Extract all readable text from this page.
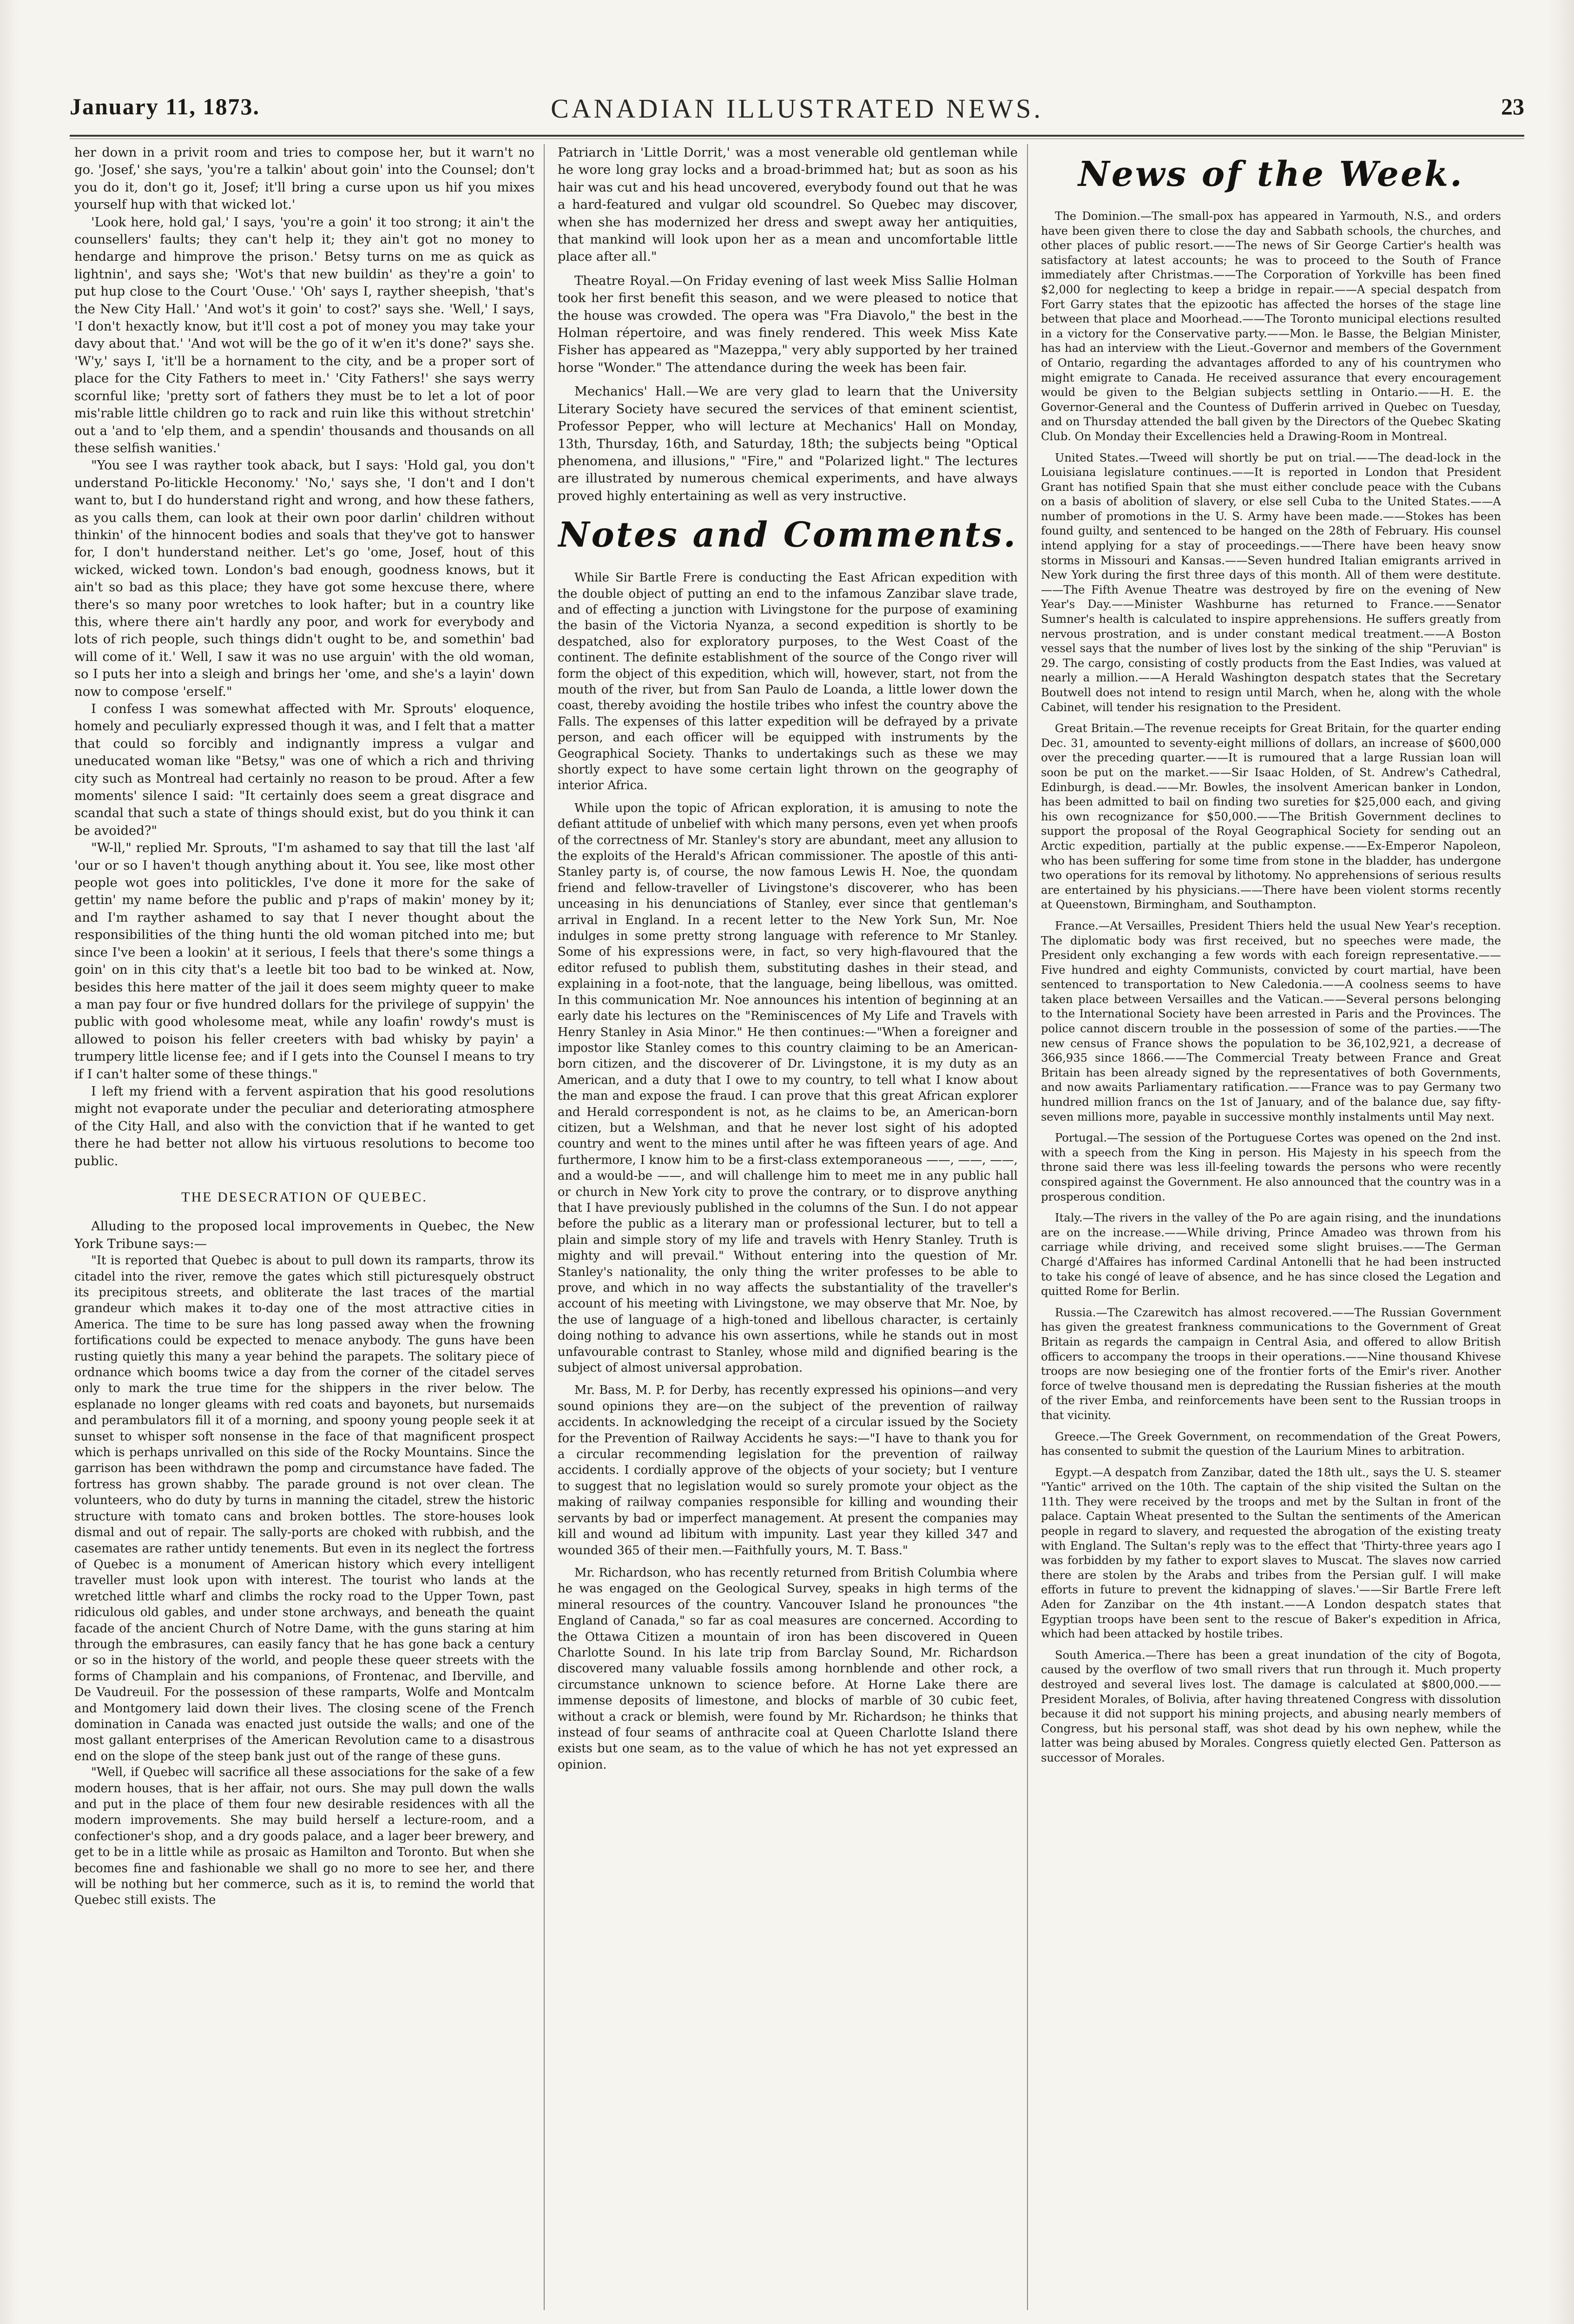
January 11, 1873.	CANADIAN ILLUSTRATED NEWS.	23

her down in a privit room and tries to compose her, but it warn't no go. 'Josef,' she says, 'you're a talkin' about goin' into the Counsel; don't you do it, don't go it, Josef; it'll bring a curse upon us hif you mixes yourself hup with that wicked lot.'

'Look here, hold gal,' I says, 'you're a goin' it too strong; it ain't the counsellers' faults; they can't help it; they ain't got no money to hendarge and himprove the prison.' Betsy turns on me as quick as lightnin', and says she; 'Wot's that new buildin' as they're a goin' to put hup close to the Court 'Ouse.' 'Oh' says I, rayther sheepish, 'that's the New City Hall.' 'And wot's it goin' to cost?' says she. 'Well,' I says, 'I don't hexactly know, but it'll cost a pot of money you may take your davy about that.' 'And wot will be the go of it w'en it's done?' says she. 'W'y,' says I, 'it'll be a hornament to the city, and be a proper sort of place for the City Fathers to meet in.' 'City Fathers!' she says werry scornful like; 'pretty sort of fathers they must be to let a lot of poor mis'rable little children go to rack and ruin like this without stretchin' out a 'and to 'elp them, and a spendin' thousands and thousands on all these selfish wanities.'

"You see I was rayther took aback, but I says: 'Hold gal, you don't understand Po-litickle Heconomy.' 'No,' says she, 'I don't and I don't want to, but I do hunderstand right and wrong, and how these fathers, as you calls them, can look at their own poor darlin' children without thinkin' of the hinnocent bodies and soals that they've got to hanswer for, I don't hunderstand neither. Let's go 'ome, Josef, hout of this wicked, wicked town. London's bad enough, goodness knows, but it ain't so bad as this place; they have got some hexcuse there, where there's so many poor wretches to look hafter; but in a country like this, where there ain't hardly any poor, and work for everybody and lots of rich people, such things didn't ought to be, and somethin' bad will come of it.' Well, I saw it was no use arguin' with the old woman, so I puts her into a sleigh and brings her 'ome, and she's a layin' down now to compose 'erself."

I confess I was somewhat affected with Mr. Sprouts' eloquence, homely and peculiarly expressed though it was, and I felt that a matter that could so forcibly and indignantly impress a vulgar and uneducated woman like "Betsy," was one of which a rich and thriving city such as Montreal had certainly no reason to be proud. After a few moments' silence I said: "It certainly does seem a great disgrace and scandal that such a state of things should exist, but do you think it can be avoided?"

"W-ll," replied Mr. Sprouts, "I'm ashamed to say that till the last 'alf 'our or so I haven't though anything about it. You see, like most other people wot goes into politickles, I've done it more for the sake of gettin' my name before the public and p'raps of makin' money by it; and I'm rayther ashamed to say that I never thought about the responsibilities of the thing hunti the old woman pitched into me; but since I've been a lookin' at it serious, I feels that there's some things a goin' on in this city that's a leetle bit too bad to be winked at. Now, besides this here matter of the jail it does seem mighty queer to make a man pay four or five hundred dollars for the privilege of suppyin' the public with good wholesome meat, while any loafin' rowdy's must is allowed to poison his feller creeters with bad whisky by payin' a trumpery little license fee; and if I gets into the Counsel I means to try if I can't halter some of these things."

I left my friend with a fervent aspiration that his good resolutions might not evaporate under the peculiar and deteriorating atmosphere of the City Hall, and also with the conviction that if he wanted to get there he had better not allow his virtuous resolutions to become too public.

THE DESECRATION OF QUEBEC.

Alluding to the proposed local improvements in Quebec, the New York Tribune says:—

"It is reported that Quebec is about to pull down its ramparts, throw its citadel into the river, remove the gates which still picturesquely obstruct its precipitous streets, and obliterate the last traces of the martial grandeur which makes it to-day one of the most attractive cities in America. The time to be sure has long passed away when the frowning fortifications could be expected to menace anybody. The guns have been rusting quietly this many a year behind the parapets. The solitary piece of ordnance which booms twice a day from the corner of the citadel serves only to mark the true time for the shippers in the river below. The esplanade no longer gleams with red coats and bayonets, but nursemaids and perambulators fill it of a morning, and spoony young people seek it at sunset to whisper soft nonsense in the face of that magnificent prospect which is perhaps unrivalled on this side of the Rocky Mountains. Since the garrison has been withdrawn the pomp and circumstance have faded. The fortress has grown shabby. The parade ground is not over clean. The volunteers, who do duty by turns in manning the citadel, strew the historic structure with tomato cans and broken bottles. The store-houses look dismal and out of repair. The sally-ports are choked with rubbish, and the casemates are rather untidy tenements. But even in its neglect the fortress of Quebec is a monument of American history which every intelligent traveller must look upon with interest. The tourist who lands at the wretched little wharf and climbs the rocky road to the Upper Town, past ridiculous old gables, and under stone archways, and beneath the quaint facade of the ancient Church of Notre Dame, with the guns staring at him through the embrasures, can easily fancy that he has gone back a century or so in the history of the world, and people these queer streets with the forms of Champlain and his companions, of Frontenac, and Iberville, and De Vaudreuil. For the possession of these ramparts, Wolfe and Montcalm and Montgomery laid down their lives. The closing scene of the French domination in Canada was enacted just outside the walls; and one of the most gallant enterprises of the American Revolution came to a disastrous end on the slope of the steep bank just out of the range of these guns.

"Well, if Quebec will sacrifice all these associations for the sake of a few modern houses, that is her affair, not ours. She may pull down the walls and put in the place of them four new desirable residences with all the modern improvements. She may build herself a lecture-room, and a confectioner's shop, and a dry goods palace, and a lager beer brewery, and get to be in a little while as prosaic as Hamilton and Toronto. But when she becomes fine and fashionable we shall go no more to see her, and there will be nothing but her commerce, such as it is, to remind the world that Quebec still exists. The

Patriarch in 'Little Dorrit,' was a most venerable old gentleman while he wore long gray locks and a broad-brimmed hat; but as soon as his hair was cut and his head uncovered, everybody found out that he was a hard-featured and vulgar old scoundrel. So Quebec may discover, when she has modernized her dress and swept away her antiquities, that mankind will look upon her as a mean and uncomfortable little place after all."

Theatre Royal.—On Friday evening of last week Miss Sallie Holman took her first benefit this season, and we were pleased to notice that the house was crowded. The opera was "Fra Diavolo," the best in the Holman répertoire, and was finely rendered. This week Miss Kate Fisher has appeared as "Mazeppa," very ably supported by her trained horse "Wonder." The attendance during the week has been fair.

Mechanics' Hall.—We are very glad to learn that the University Literary Society have secured the services of that eminent scientist, Professor Pepper, who will lecture at Mechanics' Hall on Monday, 13th, Thursday, 16th, and Saturday, 18th; the subjects being "Optical phenomena, and illusions," "Fire," and "Polarized light." The lectures are illustrated by numerous chemical experiments, and have always proved highly entertaining as well as very instructive.

Notes and Comments.

While Sir Bartle Frere is conducting the East African expedition with the double object of putting an end to the infamous Zanzibar slave trade, and of effecting a junction with Livingstone for the purpose of examining the basin of the Victoria Nyanza, a second expedition is shortly to be despatched, also for exploratory purposes, to the West Coast of the continent. The definite establishment of the source of the Congo river will form the object of this expedition, which will, however, start, not from the mouth of the river, but from San Paulo de Loanda, a little lower down the coast, thereby avoiding the hostile tribes who infest the country above the Falls. The expenses of this latter expedition will be defrayed by a private person, and each officer will be equipped with instruments by the Geographical Society. Thanks to undertakings such as these we may shortly expect to have some certain light thrown on the geography of interior Africa.

While upon the topic of African exploration, it is amusing to note the defiant attitude of unbelief with which many persons, even yet when proofs of the correctness of Mr. Stanley's story are abundant, meet any allusion to the exploits of the Herald's African commissioner. The apostle of this anti-Stanley party is, of course, the now famous Lewis H. Noe, the quondam friend and fellow-traveller of Livingstone's discoverer, who has been unceasing in his denunciations of Stanley, ever since that gentleman's arrival in England. In a recent letter to the New York Sun, Mr. Noe indulges in some pretty strong language with reference to Mr Stanley. Some of his expressions were, in fact, so very high-flavoured that the editor refused to publish them, substituting dashes in their stead, and explaining in a foot-note, that the language, being libellous, was omitted. In this communication Mr. Noe announces his intention of beginning at an early date his lectures on the "Reminiscences of My Life and Travels with Henry Stanley in Asia Minor." He then continues:—"When a foreigner and impostor like Stanley comes to this country claiming to be an American-born citizen, and the discoverer of Dr. Livingstone, it is my duty as an American, and a duty that I owe to my country, to tell what I know about the man and expose the fraud. I can prove that this great African explorer and Herald correspondent is not, as he claims to be, an American-born citizen, but a Welshman, and that he never lost sight of his adopted country and went to the mines until after he was fifteen years of age. And furthermore, I know him to be a first-class extemporaneous ——, ——, ——, and a would-be ——, and will challenge him to meet me in any public hall or church in New York city to prove the contrary, or to disprove anything that I have previously published in the columns of the Sun. I do not appear before the public as a literary man or professional lecturer, but to tell a plain and simple story of my life and travels with Henry Stanley. Truth is mighty and will prevail." Without entering into the question of Mr. Stanley's nationality, the only thing the writer professes to be able to prove, and which in no way affects the substantiality of the traveller's account of his meeting with Livingstone, we may observe that Mr. Noe, by the use of language of a high-toned and libellous character, is certainly doing nothing to advance his own assertions, while he stands out in most unfavourable contrast to Stanley, whose mild and dignified bearing is the subject of almost universal approbation.

Mr. Bass, M. P. for Derby, has recently expressed his opinions—and very sound opinions they are—on the subject of the prevention of railway accidents. In acknowledging the receipt of a circular issued by the Society for the Prevention of Railway Accidents he says:—"I have to thank you for a circular recommending legislation for the prevention of railway accidents. I cordially approve of the objects of your society; but I venture to suggest that no legislation would so surely promote your object as the making of railway companies responsible for killing and wounding their servants by bad or imperfect management. At present the companies may kill and wound ad libitum with impunity. Last year they killed 347 and wounded 365 of their men.—Faithfully yours, M. T. Bass."

Mr. Richardson, who has recently returned from British Columbia where he was engaged on the Geological Survey, speaks in high terms of the mineral resources of the country. Vancouver Island he pronounces "the England of Canada," so far as coal measures are concerned. According to the Ottawa Citizen a mountain of iron has been discovered in Queen Charlotte Sound. In his late trip from Barclay Sound, Mr. Richardson discovered many valuable fossils among hornblende and other rock, a circumstance unknown to science before. At Horne Lake there are immense deposits of limestone, and blocks of marble of 30 cubic feet, without a crack or blemish, were found by Mr. Richardson; he thinks that instead of four seams of anthracite coal at Queen Charlotte Island there exists but one seam, as to the value of which he has not yet expressed an opinion.

News of the Week.

The Dominion.—The small-pox has appeared in Yarmouth, N.S., and orders have been given there to close the day and Sabbath schools, the churches, and other places of public resort.——The news of Sir George Cartier's health was satisfactory at latest accounts; he was to proceed to the South of France immediately after Christmas.——The Corporation of Yorkville has been fined $2,000 for neglecting to keep a bridge in repair.——A special despatch from Fort Garry states that the epizootic has affected the horses of the stage line between that place and Moorhead.——The Toronto municipal elections resulted in a victory for the Conservative party.——Mon. le Basse, the Belgian Minister, has had an interview with the Lieut.-Governor and members of the Government of Ontario, regarding the advantages afforded to any of his countrymen who might emigrate to Canada. He received assurance that every encouragement would be given to the Belgian subjects settling in Ontario.——H. E. the Governor-General and the Countess of Dufferin arrived in Quebec on Tuesday, and on Thursday attended the ball given by the Directors of the Quebec Skating Club. On Monday their Excellencies held a Drawing-Room in Montreal.

United States.—Tweed will shortly be put on trial.——The dead-lock in the Louisiana legislature continues.——It is reported in London that President Grant has notified Spain that she must either conclude peace with the Cubans on a basis of abolition of slavery, or else sell Cuba to the United States.——A number of promotions in the U. S. Army have been made.——Stokes has been found guilty, and sentenced to be hanged on the 28th of February. His counsel intend applying for a stay of proceedings.——There have been heavy snow storms in Missouri and Kansas.——Seven hundred Italian emigrants arrived in New York during the first three days of this month. All of them were destitute.——The Fifth Avenue Theatre was destroyed by fire on the evening of New Year's Day.——Minister Washburne has returned to France.——Senator Sumner's health is calculated to inspire apprehensions. He suffers greatly from nervous prostration, and is under constant medical treatment.——A Boston vessel says that the number of lives lost by the sinking of the ship "Peruvian" is 29. The cargo, consisting of costly products from the East Indies, was valued at nearly a million.——A Herald Washington despatch states that the Secretary Boutwell does not intend to resign until March, when he, along with the whole Cabinet, will tender his resignation to the President.

Great Britain.—The revenue receipts for Great Britain, for the quarter ending Dec. 31, amounted to seventy-eight millions of dollars, an increase of $600,000 over the preceding quarter.——It is rumoured that a large Russian loan will soon be put on the market.——Sir Isaac Holden, of St. Andrew's Cathedral, Edinburgh, is dead.——Mr. Bowles, the insolvent American banker in London, has been admitted to bail on finding two sureties for $25,000 each, and giving his own recognizance for $50,000.——The British Government declines to support the proposal of the Royal Geographical Society for sending out an Arctic expedition, partially at the public expense.——Ex-Emperor Napoleon, who has been suffering for some time from stone in the bladder, has undergone two operations for its removal by lithotomy. No apprehensions of serious results are entertained by his physicians.——There have been violent storms recently at Queenstown, Birmingham, and Southampton.

France.—At Versailles, President Thiers held the usual New Year's reception. The diplomatic body was first received, but no speeches were made, the President only exchanging a few words with each foreign representative.——Five hundred and eighty Communists, convicted by court martial, have been sentenced to transportation to New Caledonia.——A coolness seems to have taken place between Versailles and the Vatican.——Several persons belonging to the International Society have been arrested in Paris and the Provinces. The police cannot discern trouble in the possession of some of the parties.——The new census of France shows the population to be 36,102,921, a decrease of 366,935 since 1866.——The Commercial Treaty between France and Great Britain has been already signed by the representatives of both Governments, and now awaits Parliamentary ratification.——France was to pay Germany two hundred million francs on the 1st of January, and of the balance due, say fifty-seven millions more, payable in successive monthly instalments until May next.

Portugal.—The session of the Portuguese Cortes was opened on the 2nd inst. with a speech from the King in person. His Majesty in his speech from the throne said there was less ill-feeling towards the persons who were recently conspired against the Government. He also announced that the country was in a prosperous condition.

Italy.—The rivers in the valley of the Po are again rising, and the inundations are on the increase.——While driving, Prince Amadeo was thrown from his carriage while driving, and received some slight bruises.——The German Chargé d'Affaires has informed Cardinal Antonelli that he had been instructed to take his congé of leave of absence, and he has since closed the Legation and quitted Rome for Berlin.

Russia.—The Czarewitch has almost recovered.——The Russian Government has given the greatest frankness communications to the Government of Great Britain as regards the campaign in Central Asia, and offered to allow British officers to accompany the troops in their operations.——Nine thousand Khivese troops are now besieging one of the frontier forts of the Emir's river. Another force of twelve thousand men is depredating the Russian fisheries at the mouth of the river Emba, and reinforcements have been sent to the Russian troops in that vicinity.

Greece.—The Greek Government, on recommendation of the Great Powers, has consented to submit the question of the Laurium Mines to arbitration.

Egypt.—A despatch from Zanzibar, dated the 18th ult., says the U. S. steamer "Yantic" arrived on the 10th. The captain of the ship visited the Sultan on the 11th. They were received by the troops and met by the Sultan in front of the palace. Captain Wheat presented to the Sultan the sentiments of the American people in regard to slavery, and requested the abrogation of the existing treaty with England. The Sultan's reply was to the effect that 'Thirty-three years ago I was forbidden by my father to export slaves to Muscat. The slaves now carried there are stolen by the Arabs and tribes from the Persian gulf. I will make efforts in future to prevent the kidnapping of slaves.'——Sir Bartle Frere left Aden for Zanzibar on the 4th instant.——A London despatch states that Egyptian troops have been sent to the rescue of Baker's expedition in Africa, which had been attacked by hostile tribes.

South America.—There has been a great inundation of the city of Bogota, caused by the overflow of two small rivers that run through it. Much property destroyed and several lives lost. The damage is calculated at $800,000.——President Morales, of Bolivia, after having threatened Congress with dissolution because it did not support his mining projects, and abusing nearly members of Congress, but his personal staff, was shot dead by his own nephew, while the latter was being abused by Morales. Congress quietly elected Gen. Patterson as successor of Morales.
